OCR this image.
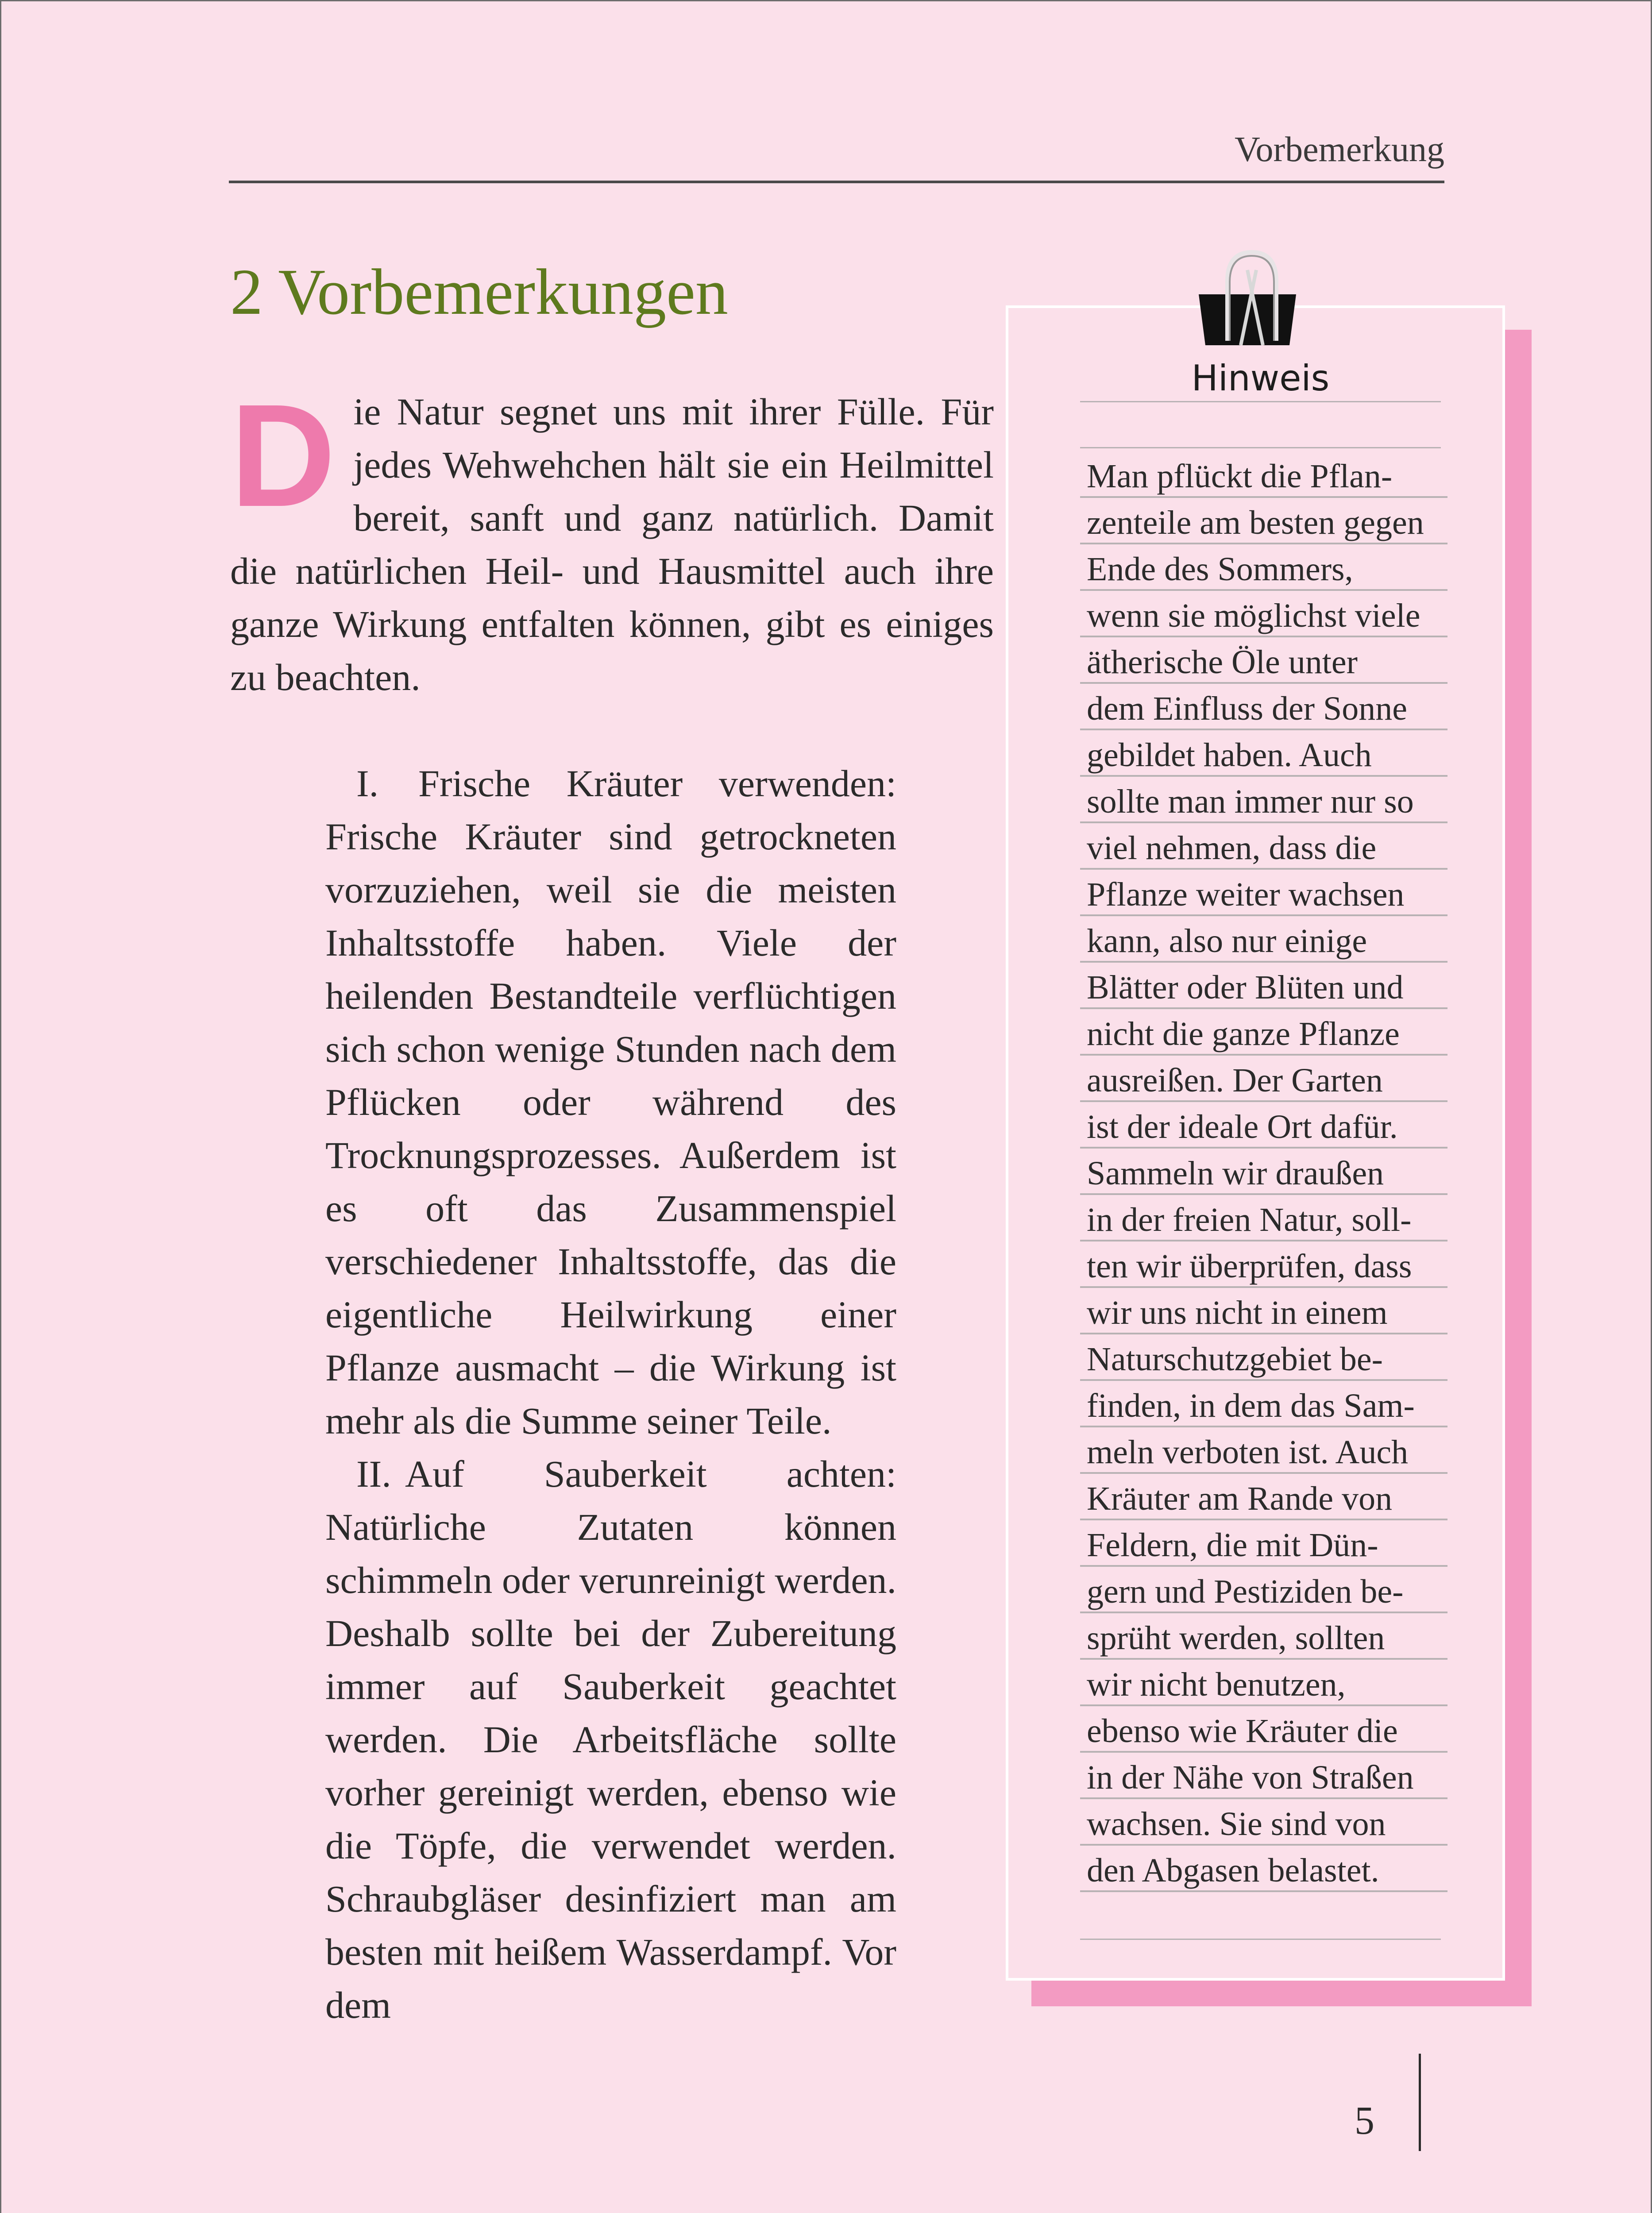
Vorbemerkung
2 Vorbemerkungen
D ie Natur segnet uns mit ihrer Fülle. Für jedes Wehwehchen hält sie ein Heilmittel bereit, sanft und ganz natürlich. Damit die natürlichen Heil- und Hausmittel auch ihre ganze Wirkung entfalten können, gibt es einiges zu beachten.

I. Frische Kräuter verwenden: Frische Kräuter sind getrockneten vorzuziehen, weil sie die meisten Inhaltsstoffe haben. Viele der heilenden Bestandteile verflüchtigen sich schon wenige Stunden nach dem Pflücken oder während des Trocknungsprozesses. Außerdem ist es oft das Zusammenspiel verschiedener Inhaltsstoffe, das die eigentliche Heilwirkung einer Pflanze ausmacht – die Wirkung ist mehr als die Summe seiner Teile.

II. Auf Sauberkeit achten: Natürliche Zutaten können schimmeln oder verunreinigt werden. Deshalb sollte bei der Zubereitung immer auf Sauberkeit geachtet werden. Die Arbeitsfläche sollte vorher gereinigt werden, ebenso wie die Töpfe, die verwendet werden. Schraubgläser desinfiziert man am besten mit heißem Wasserdampf. Vor dem

Hinweis
Man pflückt die Pflan-
zenteile am besten gegen
Ende des Sommers,
wenn sie möglichst viele
ätherische Öle unter
dem Einfluss der Sonne
gebildet haben. Auch
sollte man immer nur so
viel nehmen, dass die
Pflanze weiter wachsen
kann, also nur einige
Blätter oder Blüten und
nicht die ganze Pflanze
ausreißen. Der Garten
ist der ideale Ort dafür.
Sammeln wir draußen
in der freien Natur, soll-
ten wir überprüfen, dass
wir uns nicht in einem
Naturschutzgebiet be-
finden, in dem das Sam-
meln verboten ist. Auch
Kräuter am Rande von
Feldern, die mit Dün-
gern und Pestiziden be-
sprüht werden, sollten
wir nicht benutzen,
ebenso wie Kräuter die
in der Nähe von Straßen
wachsen. Sie sind von
den Abgasen belastet.
5
